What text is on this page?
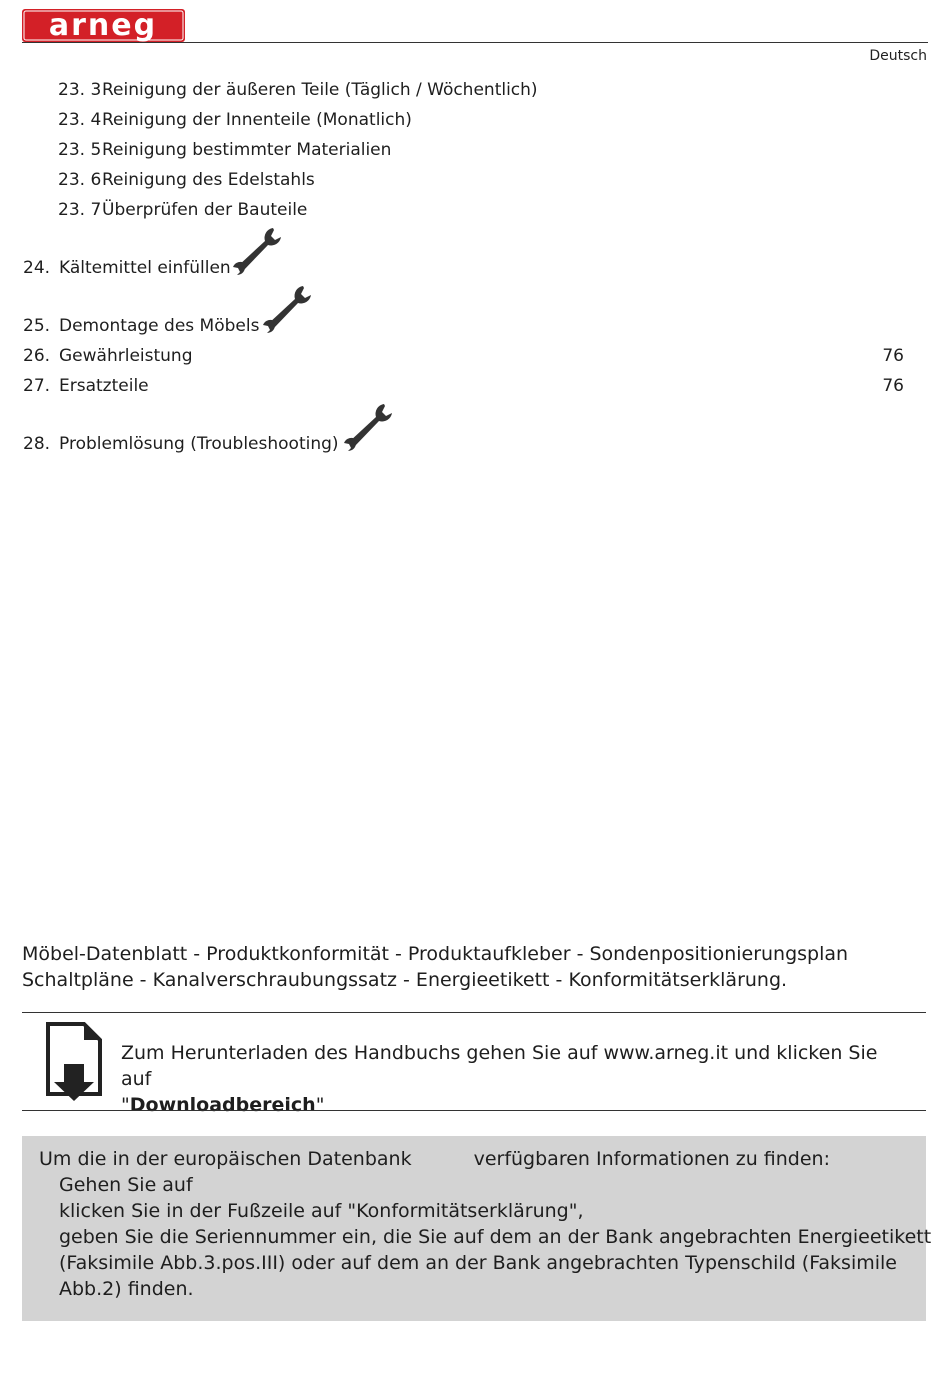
arneg
Deutsch
23. 3Reinigung der äußeren Teile (Täglich / Wöchentlich)
23. 4Reinigung der Innenteile (Monatlich)
23. 5Reinigung bestimmter Materialien
23. 6Reinigung des Edelstahls
23. 7Überprüfen der Bauteile
24. Kältemittel einfüllen
25. Demontage des Möbels
26. Gewährleistung	76
27. Ersatzteile	76
28. Problemlösung (Troubleshooting)
Möbel-Datenblatt - Produktkonformität - Produktaufkleber - Sondenpositionierungsplan
Schaltpläne - Kanalverschraubungssatz - Energieetikett - Konformitätserklärung.
Zum Herunterladen des Handbuchs gehen Sie auf www.arneg.it und klicken Sie auf
"Downloadbereich"
Um die in der europäischen Datenbank	verfügbaren Informationen zu finden:
Gehen Sie auf
klicken Sie in der Fußzeile auf "Konformitätserklärung",
geben Sie die Seriennummer ein, die Sie auf dem an der Bank angebrachten Energieetikett
(Faksimile Abb.3.pos.III) oder auf dem an der Bank angebrachten Typenschild (Faksimile
Abb.2) finden.
